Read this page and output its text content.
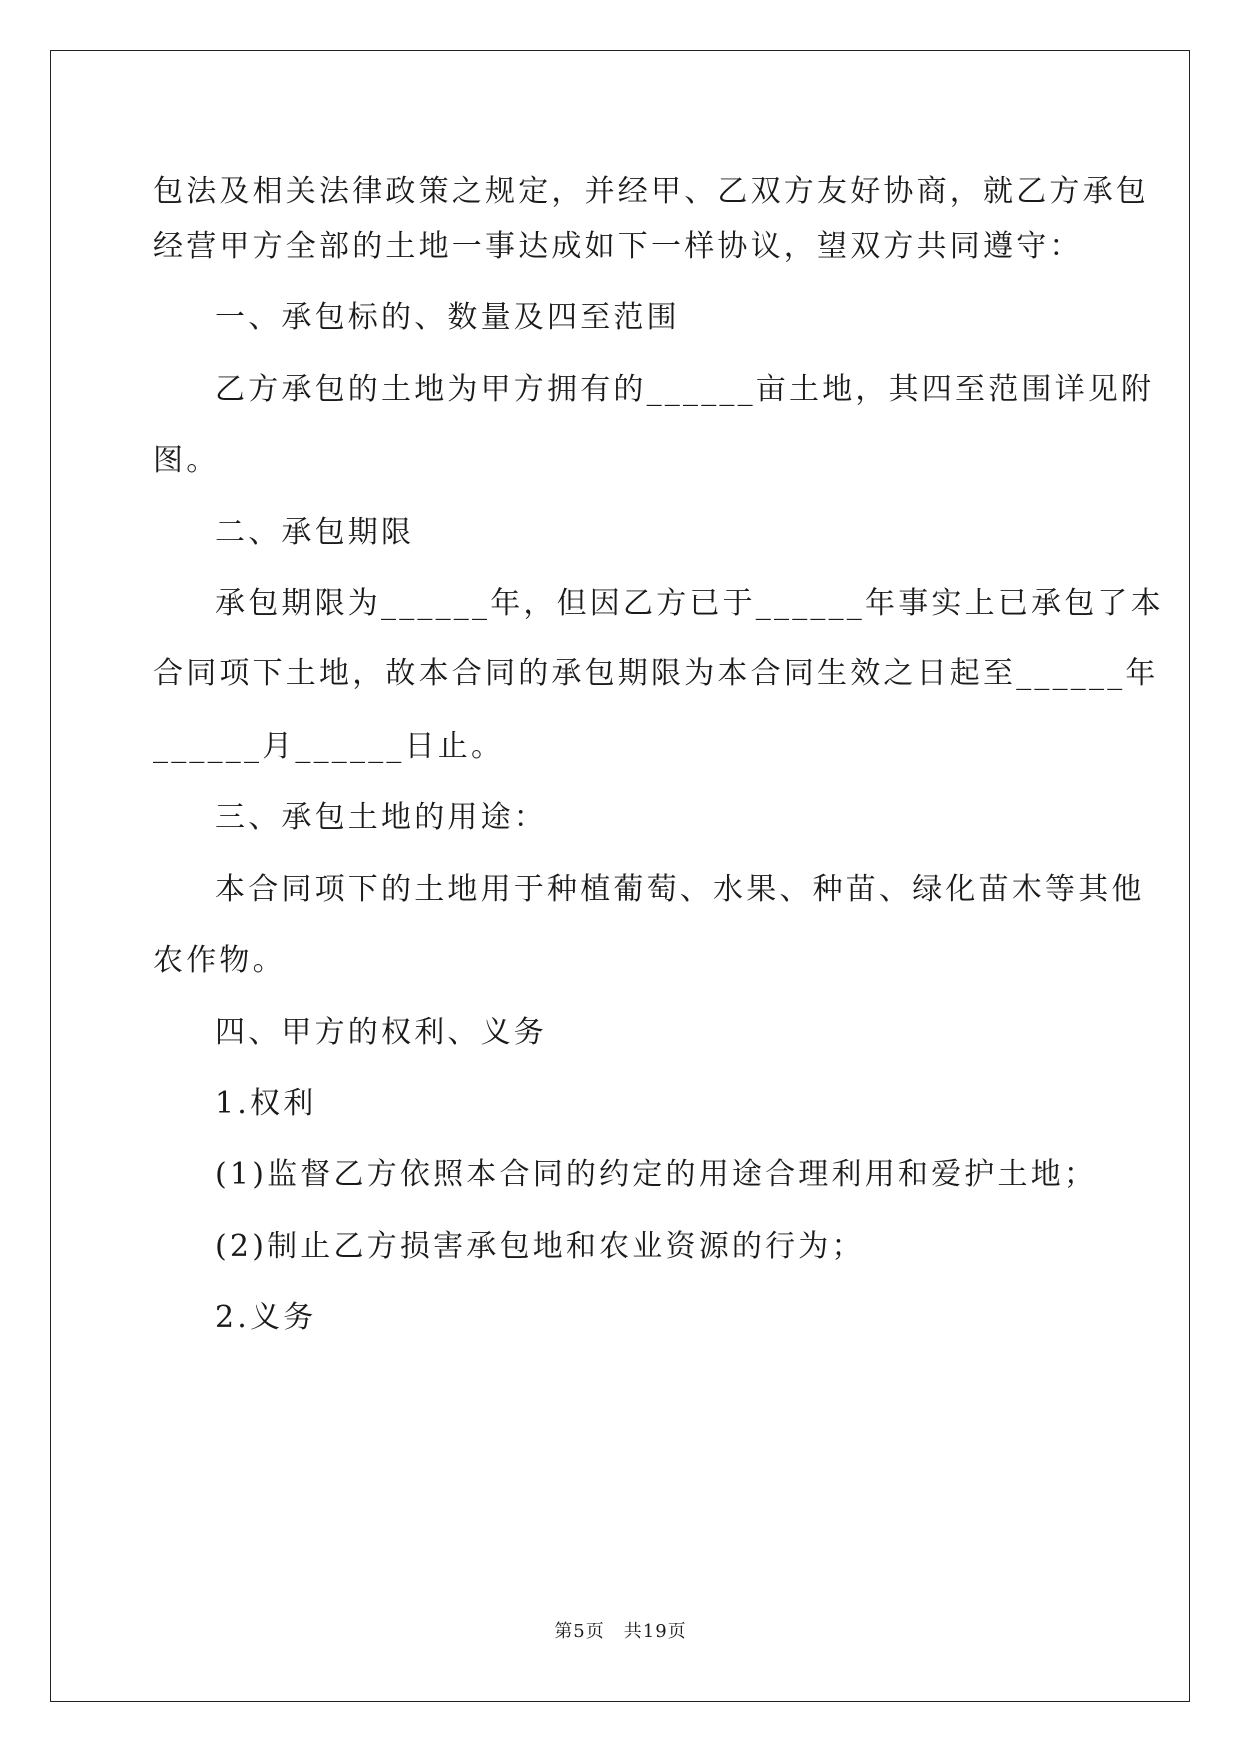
包法及相关法律政策之规定，并经甲、乙双方友好协商，就乙方承包
经营甲方全部的土地一事达成如下一样协议，望双方共同遵守：
一、承包标的、数量及四至范围
乙方承包的土地为甲方拥有的______亩土地，其四至范围详见附
图。
二、承包期限
承包期限为______年，但因乙方已于______年事实上已承包了本
合同项下土地，故本合同的承包期限为本合同生效之日起至______年
______月______日止。
三、承包土地的用途：
本合同项下的土地用于种植葡萄、水果、种苗、绿化苗木等其他
农作物。
四、甲方的权利、义务
1.权利
(1)监督乙方依照本合同的约定的用途合理利用和爱护土地；
(2)制止乙方损害承包地和农业资源的行为；
2.义务
第5页　共19页
